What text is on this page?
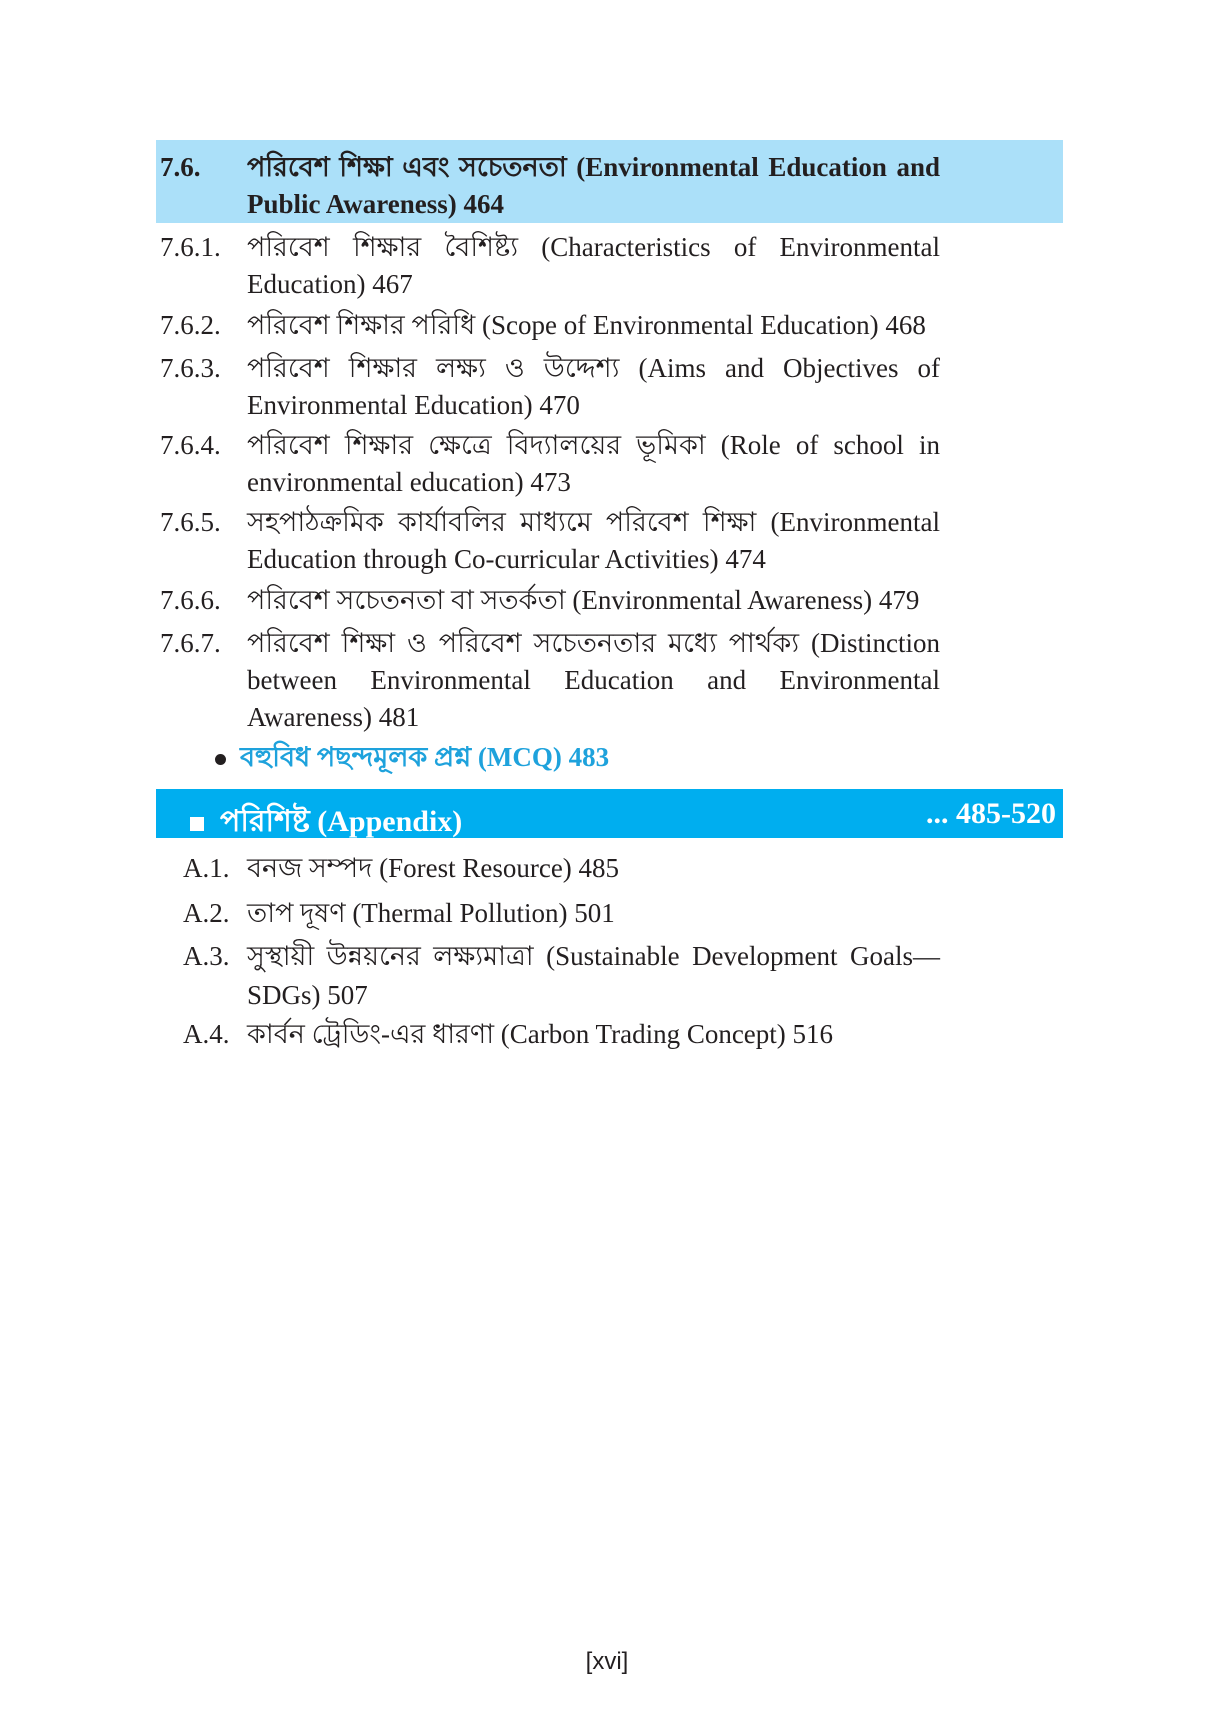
7.6. পরিবেশ শিক্ষা এবং সচেতনতা (Environmental Education and Public Awareness) 464
7.6.1. পরিবেশ শিক্ষার বৈশিষ্ট্য (Characteristics of Environmental Education) 467
7.6.2. পরিবেশ শিক্ষার পরিধি (Scope of Environmental Education) 468
7.6.3. পরিবেশ শিক্ষার লক্ষ্য ও উদ্দেশ্য (Aims and Objectives of Environmental Education) 470
7.6.4. পরিবেশ শিক্ষার ক্ষেত্রে বিদ্যালয়ের ভূমিকা (Role of school in environmental education) 473
7.6.5. সহপাঠক্রমিক কার্যাবলির মাধ্যমে পরিবেশ শিক্ষা (Environmental Education through Co-curricular Activities) 474
7.6.6. পরিবেশ সচেতনতা বা সতর্কতা (Environmental Awareness) 479
7.6.7. পরিবেশ শিক্ষা ও পরিবেশ সচেতনতার মধ্যে পার্থক্য (Distinction between Environmental Education and Environmental Awareness) 481
বহুবিধ পছন্দমূলক প্রশ্ন (MCQ) 483
পরিশিষ্ট (Appendix)	... 485-520
A.1. বনজ সম্পদ (Forest Resource) 485
A.2. তাপ দূষণ (Thermal Pollution) 501
A.3. সুস্থায়ী উন্নয়নের লক্ষ্যমাত্রা (Sustainable Development Goals—SDGs) 507
A.4. কার্বন ট্রেডিং-এর ধারণা (Carbon Trading Concept) 516
[xvi]
